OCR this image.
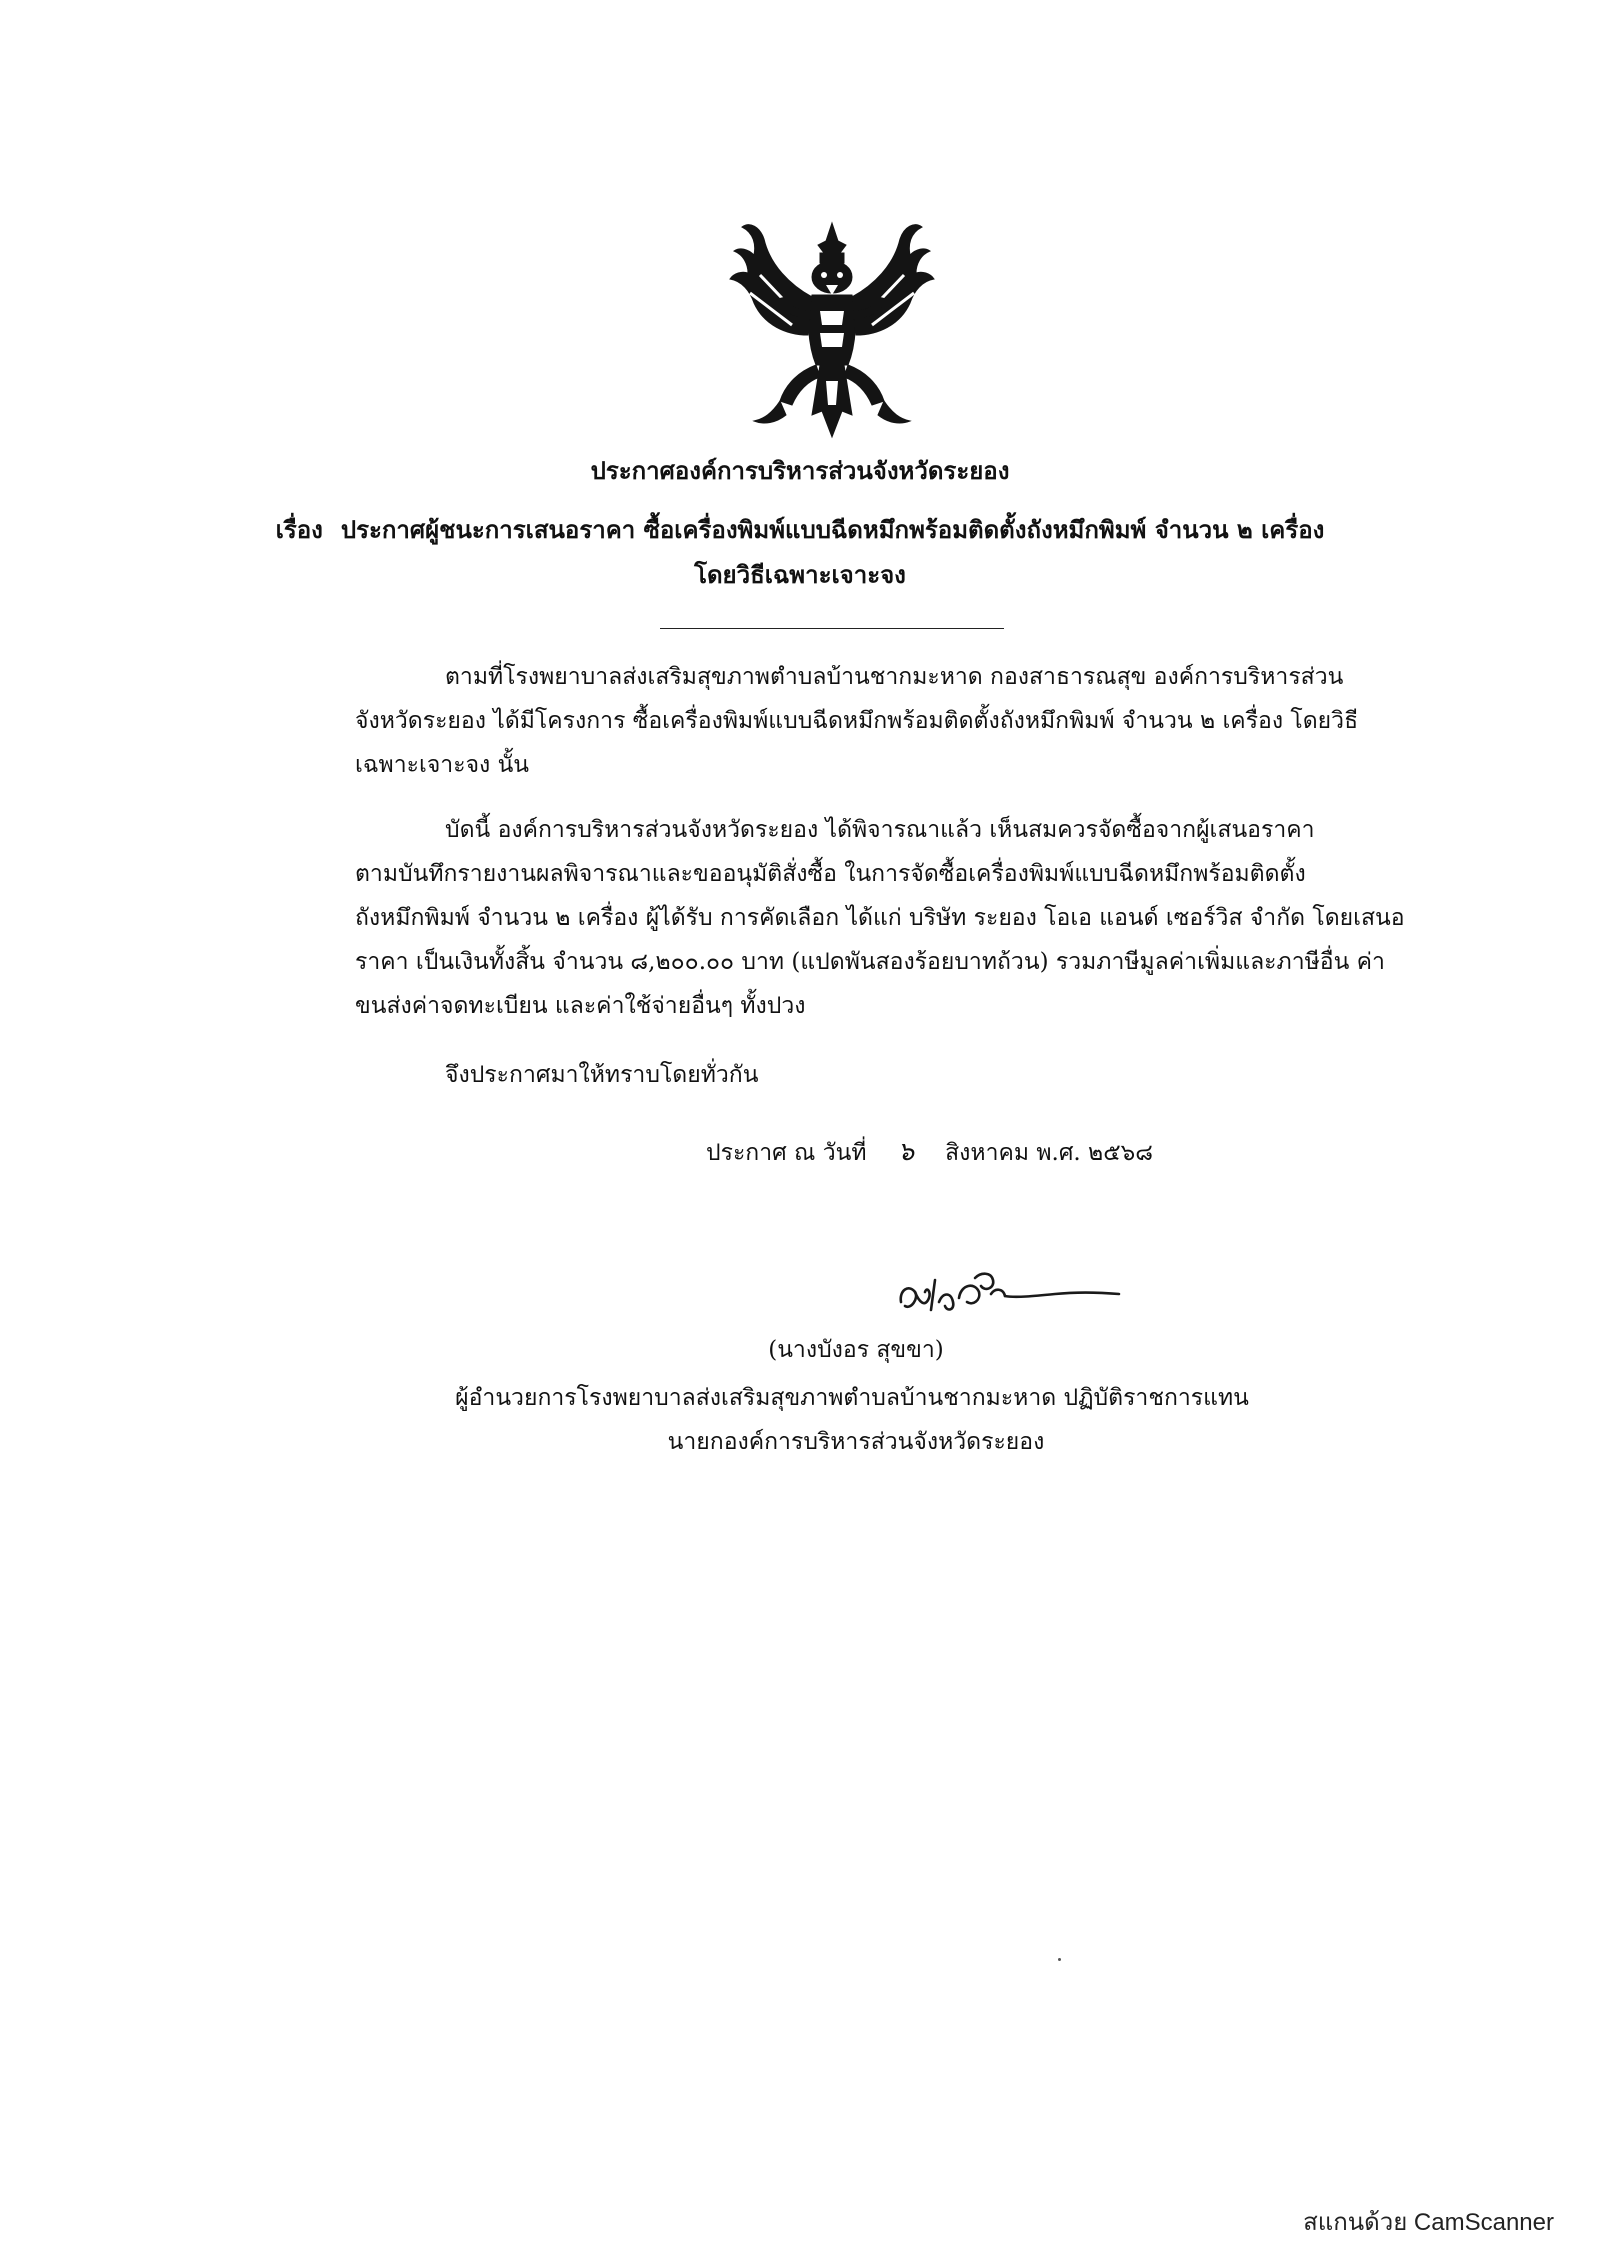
ประกาศองค์การบริหารส่วนจังหวัดระยอง
เรื่อง ประกาศผู้ชนะการเสนอราคา ซื้อเครื่องพิมพ์แบบฉีดหมึกพร้อมติดตั้งถังหมึกพิมพ์ จำนวน ๒ เครื่อง
โดยวิธีเฉพาะเจาะจง
ตามที่โรงพยาบาลส่งเสริมสุขภาพตำบลบ้านชากมะหาด กองสาธารณสุข องค์การบริหารส่วน
จังหวัดระยอง ได้มีโครงการ ซื้อเครื่องพิมพ์แบบฉีดหมึกพร้อมติดตั้งถังหมึกพิมพ์ จำนวน ๒ เครื่อง โดยวิธี
เฉพาะเจาะจง นั้น
บัดนี้ องค์การบริหารส่วนจังหวัดระยอง ได้พิจารณาแล้ว เห็นสมควรจัดซื้อจากผู้เสนอราคา
ตามบันทึกรายงานผลพิจารณาและขออนุมัติสั่งซื้อ ในการจัดซื้อเครื่องพิมพ์แบบฉีดหมึกพร้อมติดตั้ง
ถังหมึกพิมพ์ จำนวน ๒ เครื่อง ผู้ได้รับ การคัดเลือก ได้แก่ บริษัท ระยอง โอเอ แอนด์ เซอร์วิส จำกัด โดยเสนอ
ราคา เป็นเงินทั้งสิ้น จำนวน ๘,๒๐๐.๐๐ บาท (แปดพันสองร้อยบาทถ้วน) รวมภาษีมูลค่าเพิ่มและภาษีอื่น ค่า
ขนส่งค่าจดทะเบียน และค่าใช้จ่ายอื่นๆ ทั้งปวง
จึงประกาศมาให้ทราบโดยทั่วกัน
ประกาศ ณ วันที่ ๖ สิงหาคม พ.ศ. ๒๕๖๘
(นางบังอร สุขขา)
ผู้อำนวยการโรงพยาบาลส่งเสริมสุขภาพตำบลบ้านชากมะหาด ปฏิบัติราชการแทน
นายกองค์การบริหารส่วนจังหวัดระยอง
สแกนด้วย CamScanner
